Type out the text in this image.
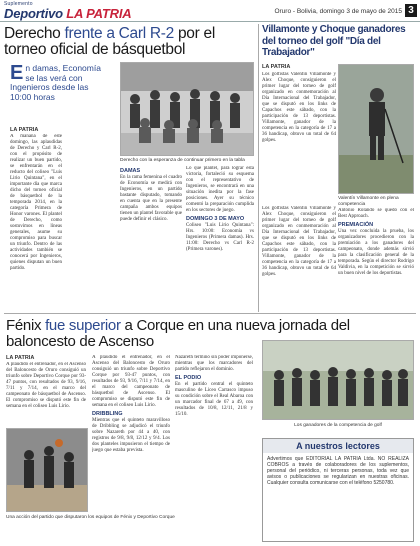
Suplemento
Deportivo LA PATRIA	Oruro - Bolivia, domingo 3 de mayo de 2015 3
Derecho frente a Carl R-2 por el torneo oficial de básquetbol
En damas, Economía se las verá con Ingenieros desde las 10:00 horas
LA PATRIA
A mañana de este domingo, las aplaudidas de Derecho y Carl R-2, con el propósito de realizar un buen partido, se enfrentarán en el reducto del coliseo "Luis Lirio Quintana", en el importante día que marca dicho del torneo oficial de básquetbol de la temporada 2014, en la categoría Primera de Honor varones. El plantel de Derecho, como sostuvimos en líneas generales, asume su compromiso para buscar un triunfo. Dentro de las actividades también se conocerá por Ingenieros, quienes disputan un buen partido.
Derecho con la esperanza de continuar primero en la tabla
DAMAS
En la rama femenina el cuadro de Economía se medirá con Ingenieros, en un partido bastante disputado, tomando en cuenta que en la presente campaña ambos equipos tienen un plantel favorable que puede definir el clásico.
Lo que plantel, para lograr esta victoria, fortaleció su esquema con el representativo de Ingenieros, se encontrará en una situación inedita por la fase posiciones. Ayer su técnico comentó la preparación cumplida en los sectores de juego.
DOMINGO 3 DE MAYO
Coliseo "Luis Lirio Quintana": Hrs. 10:00: Economía vs Ingenieros (Primera damas). Hrs. 11:00: Derecho vs Carl R-2 (Primera varones).
Fénix fue superior a Corque en una nueva jornada del baloncesto de Ascenso
LA PATRIA
A plaudido el entrenador, en el Ascenso del Baloncesto de Oruro consiguió un triunfo sobre Deportivo Corque por 93-47 puntos, con resultados de 93, 9/16, 7/11 y 7/14, en el marco del campeonato de básquetbol de Ascenso. El compromiso se disputó este fin de semana en el coliseo Luis Lirio.
Una acción del partido que disputaron los equipos de Fénix y Deportivo Corque
A plaudido el entrenador, en el Ascenso del Baloncesto de Oruro consiguió un triunfo sobre Deportivo Corque por 93-47 puntos, con resultados de 93, 9/16, 7/11 y 7/14, en el marco del campeonato de básquetbol de Ascenso. El compromiso se disputó este fin de semana en el coliseo Luis Lirio.
DRIBBLING
Mientras que el quinteto maravilloso de Dribbling se adjudicó el triunfo sobre Nazareth por 44 a 40, con registros de 9/8, 9/8, 12/12 y 9/4. Los dos planteles impusieron el tiempo de juego que estaba prevista.
Nazareth terminó sin poder imponerse, mientras que los marcadores del partido reflejaron el dominio.
EL PODIO
En el partido central el quinteto masculino de Liceo Carrasco impuso su condición sobre el Real Abaroa con un marcador final de 67 a 49, con resultados de 10/8, 12/11, 21/8 y 15/10.
Villamonte y Choque ganadores del torneo del golf "Día del Trabajador"
LA PATRIA
Los golfistas Valentín Villamonte y Alex Choque, consiguieron el primer lugar del torneo de golf organizado en conmemoración al Día Internacional del Trabajador, que se disputó en los links de Capachos este sábado, con la participación de 13 deportistas. Villamonte, ganador de la competencia en la categoría de 17 a 36 handicap, obtuvo un total de 64 golpes.
Valentín Villamonte en plena competencia
Antonio Rolando se quedó con el Best Approach.
PREMIACIÓN
Una vez concluida la prueba, los organizadores procedieron con la premiación a los ganadores del campeonato, donde además sirvió para la clasificación general de la temporada. Según el director Rodrigo Valdivia, en la competición se sirvió un buen nivel de los deportistas.
Los golfistas Valentín Villamonte y Alex Choque, consiguieron el primer lugar del torneo de golf organizado en conmemoración al Día Internacional del Trabajador, que se disputó en los links de Capachos este sábado, con la participación de 13 deportistas. Villamonte, ganador de la competencia en la categoría de 17 a 36 handicap, obtuvo un total de 64 golpes.
Los ganadores de la competencia de golf
A nuestros lectores
Advertimos que EDITORIAL LA PATRIA Ltda. NO REALIZA COBROS a través de colaboradores de los suplementos, personal del periódico, ni terceras personas, toda vez que avisos o publicaciones se regularizan en nuestras oficinas. Cualquier consulta comunicarse con el teléfono 5250780.
